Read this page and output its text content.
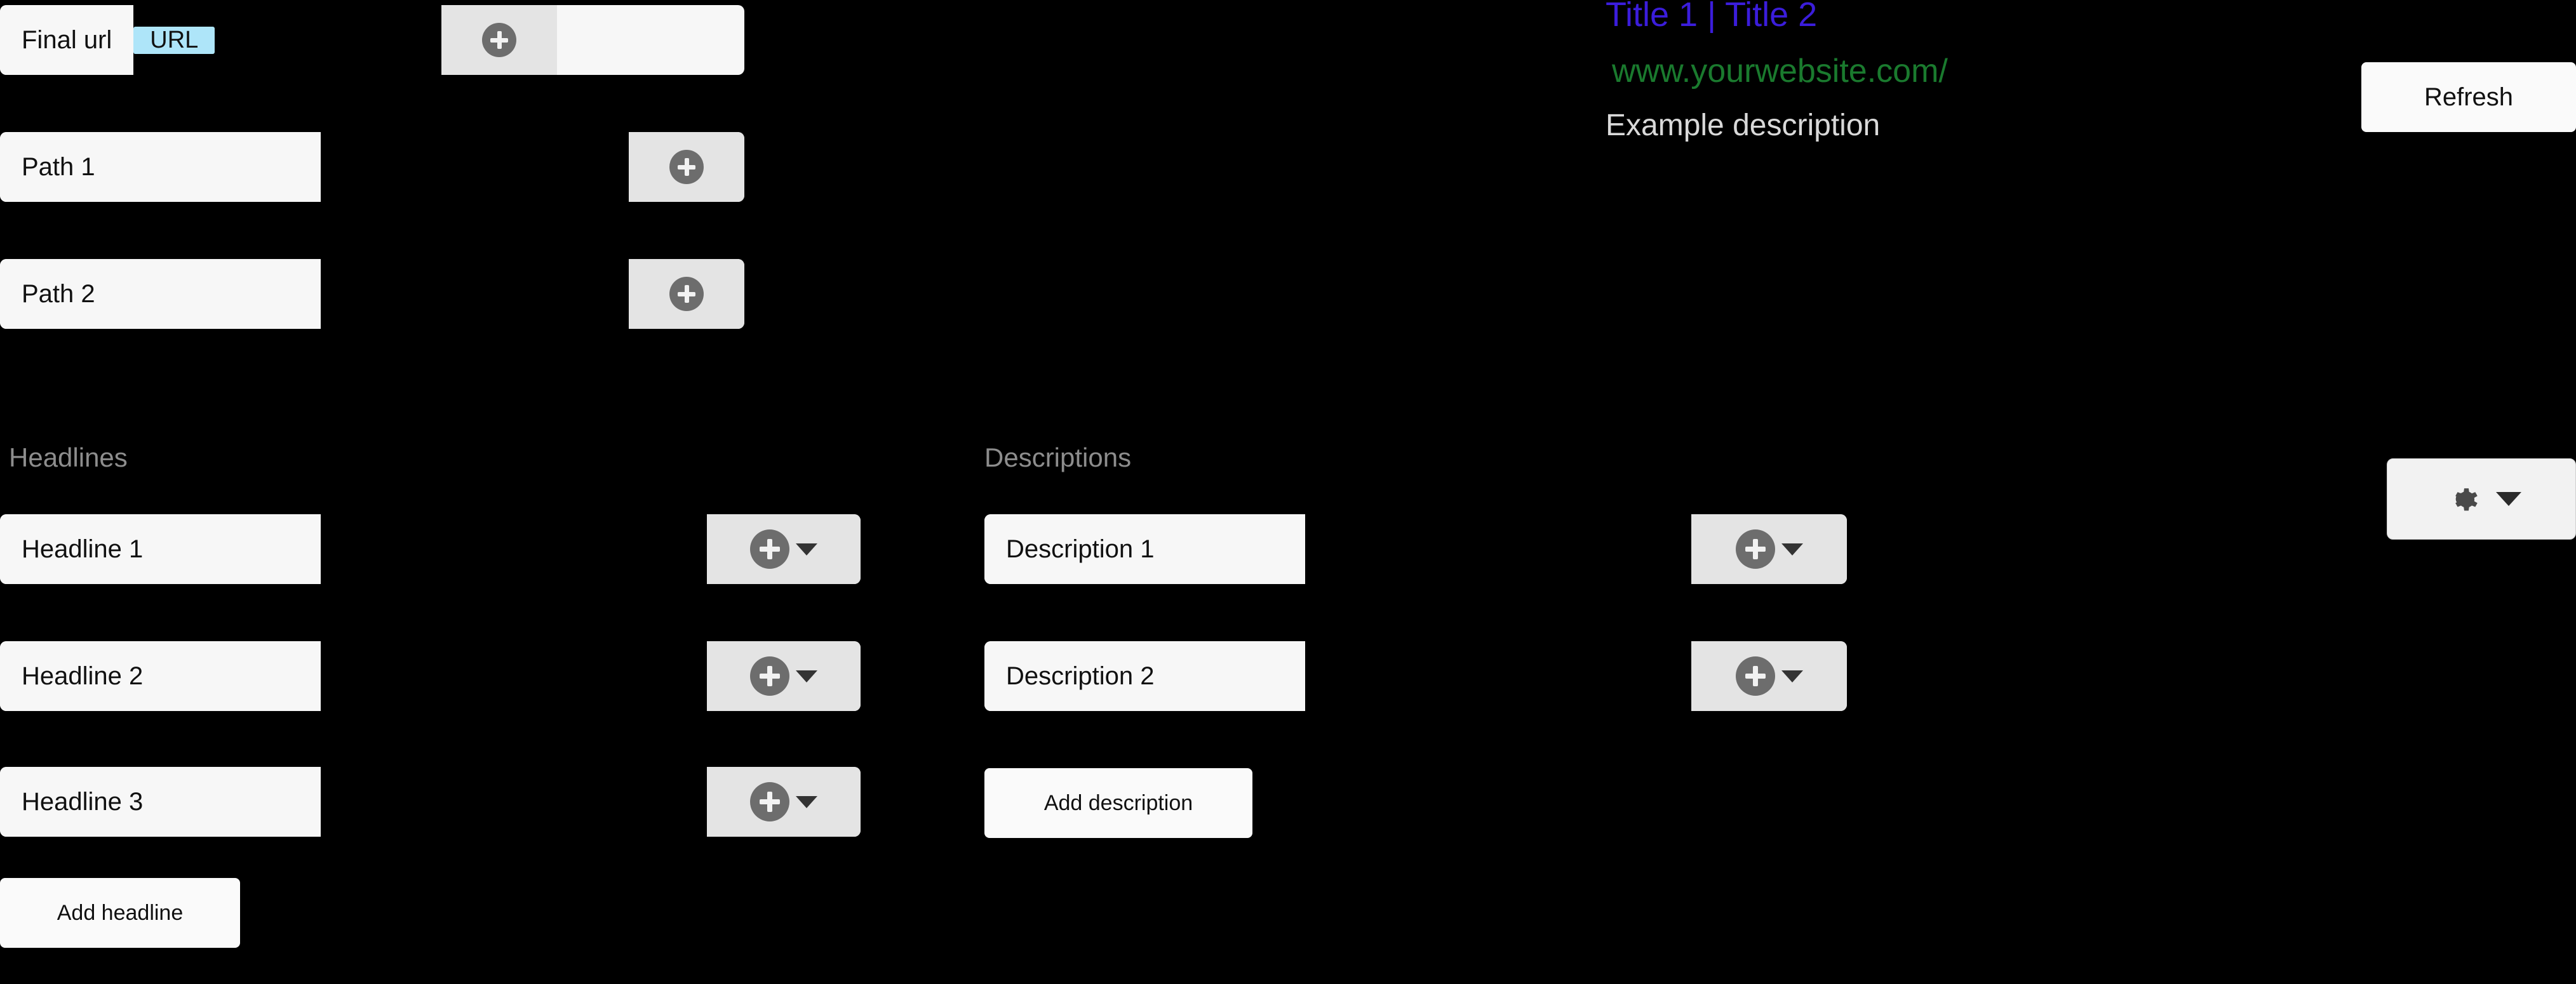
Final url	URL
Path 1
Path 2
Headlines	Descriptions
Headline 1
Headline 2
Headline 3
Add headline
Description 1
Description 2
Add description
Title 1 | Title 2
www.yourwebsite.com/
Example description
Refresh
